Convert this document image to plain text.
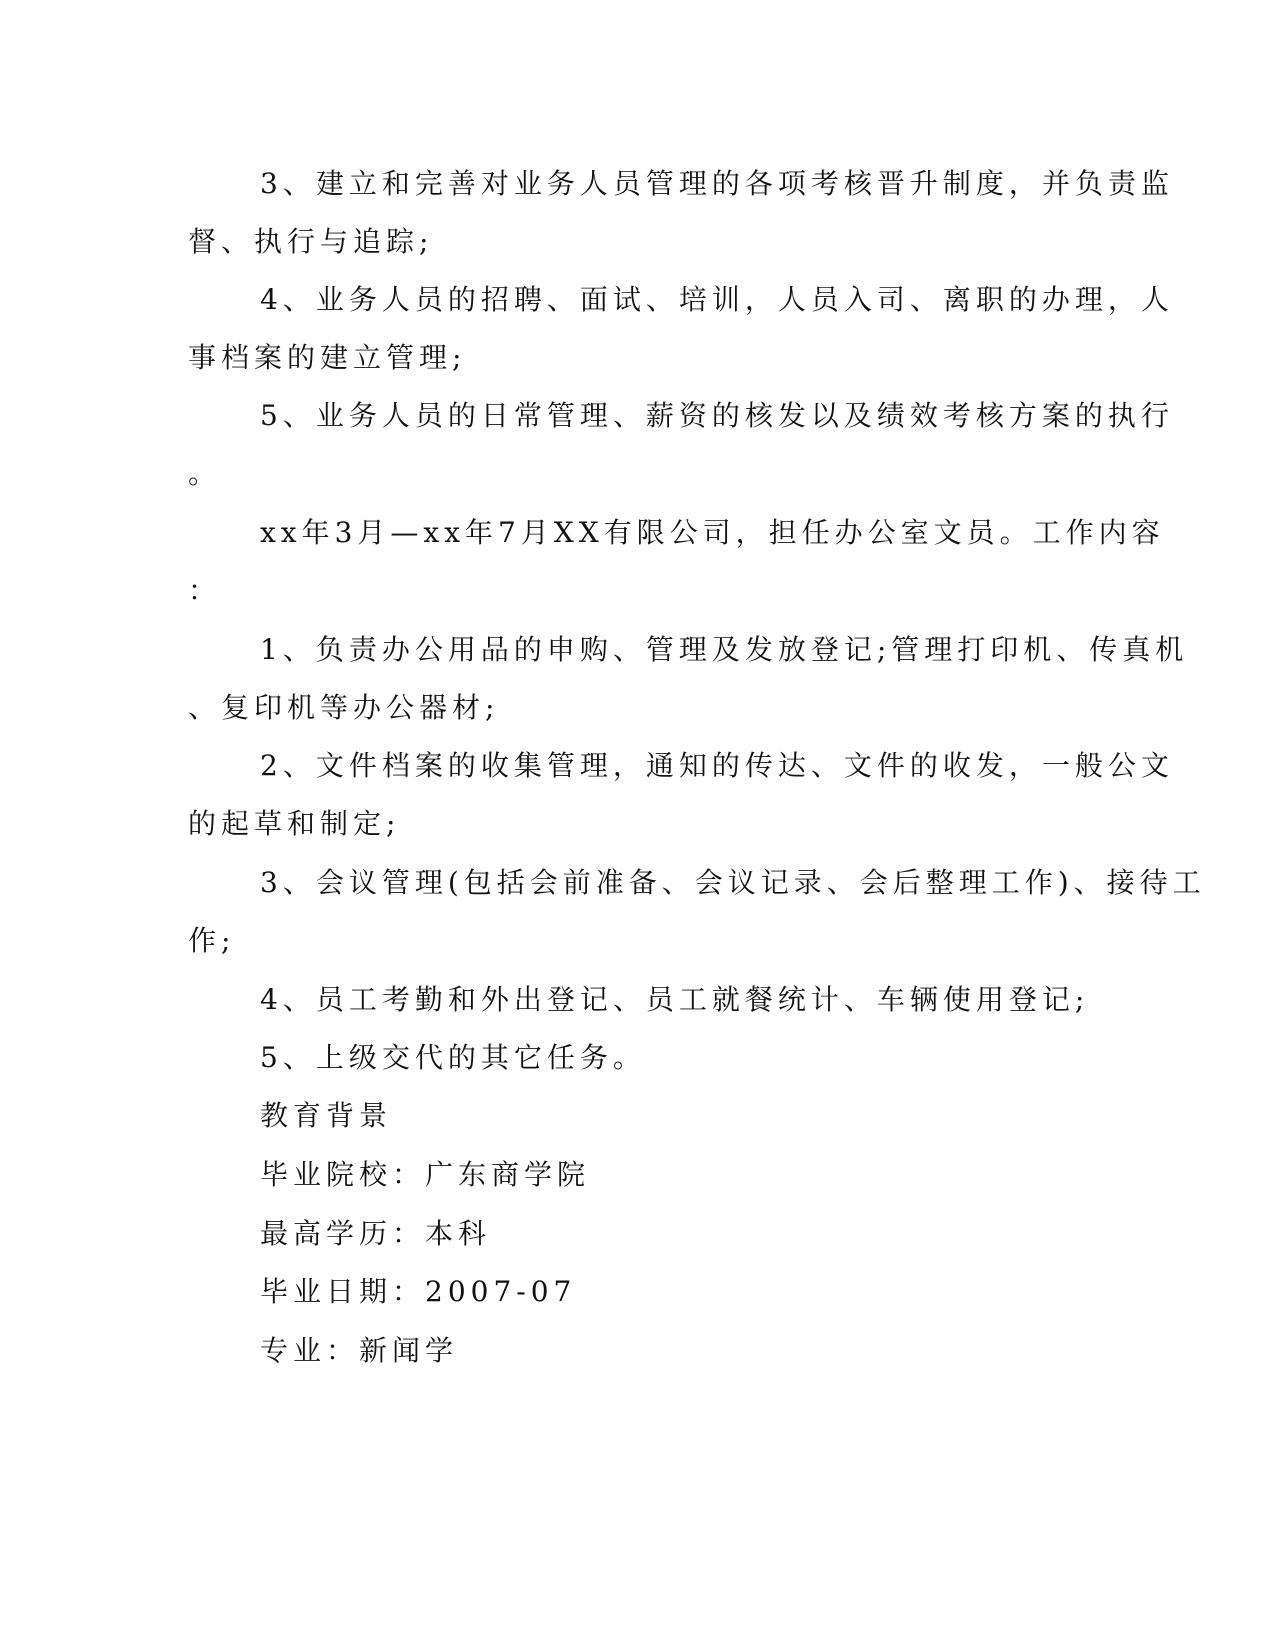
3、建立和完善对业务人员管理的各项考核晋升制度，并负责监
督、执行与追踪;
4、业务人员的招聘、面试、培训，人员入司、离职的办理，人
事档案的建立管理;
5、业务人员的日常管理、薪资的核发以及绩效考核方案的执行
。
xx年3月—xx年7月XX有限公司，担任办公室文员。工作内容
：
1、负责办公用品的申购、管理及发放登记;管理打印机、传真机
、复印机等办公器材;
2、文件档案的收集管理，通知的传达、文件的收发，一般公文
的起草和制定;
3、会议管理(包括会前准备、会议记录、会后整理工作)、接待工
作;
4、员工考勤和外出登记、员工就餐统计、车辆使用登记;
5、上级交代的其它任务。
教育背景
毕业院校：广东商学院
最高学历：本科
毕业日期：2007-07
专业：新闻学
